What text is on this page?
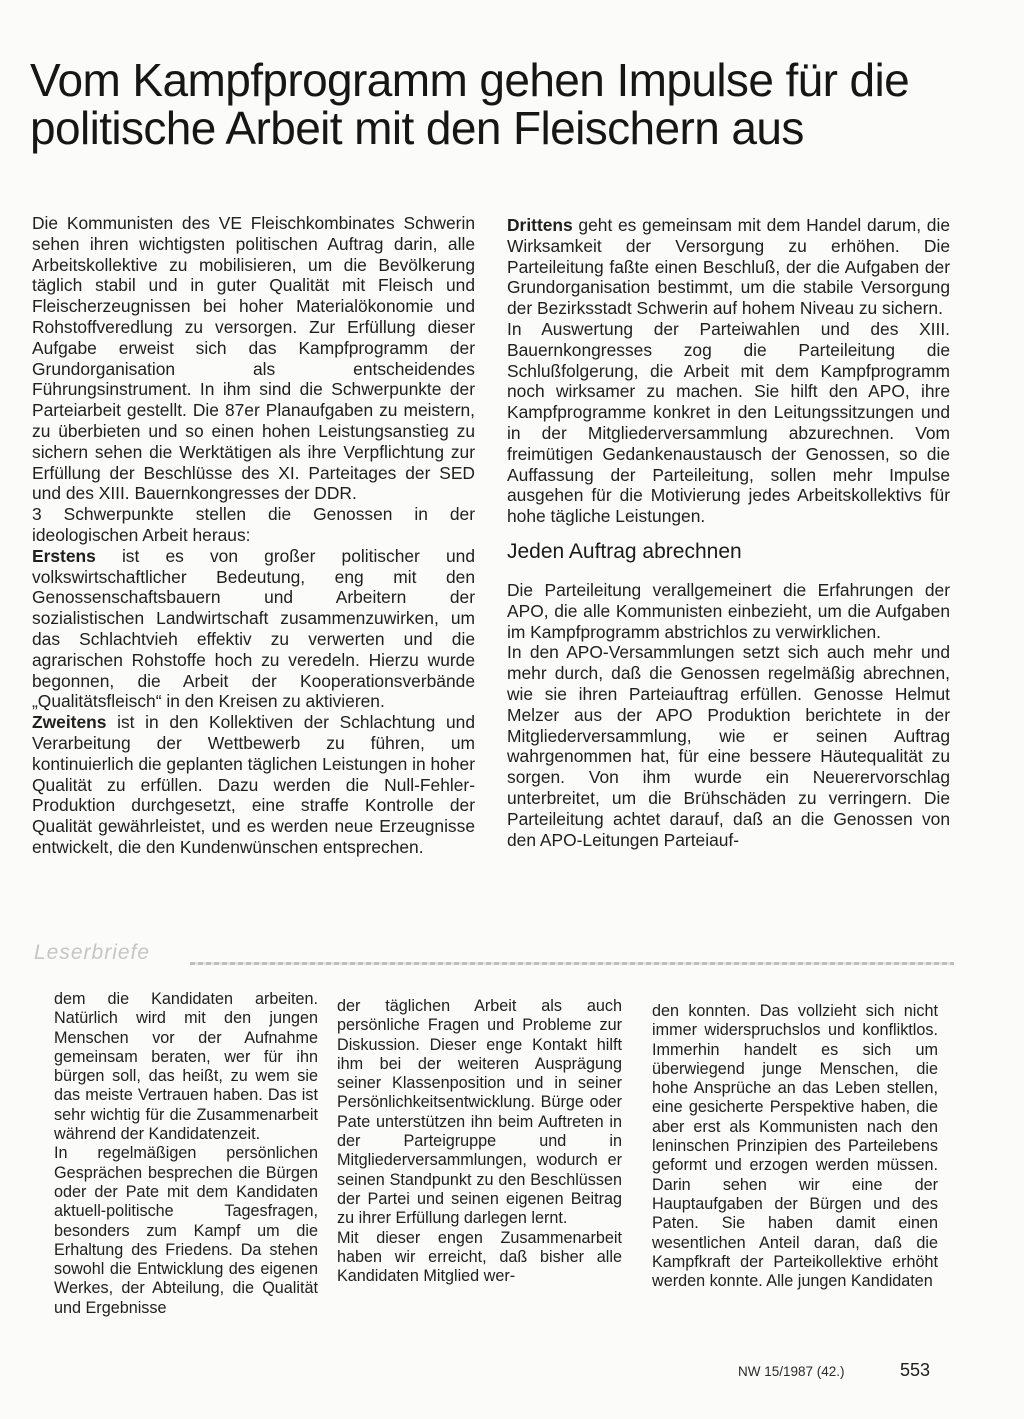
Vom Kampfprogramm gehen Impulse für die politische Arbeit mit den Fleischern aus

Die Kommunisten des VE Fleischkombinates Schwerin sehen ihren wichtigsten politischen Auftrag darin, alle Arbeitskollektive zu mobilisieren, um die Bevölkerung täglich stabil und in guter Qualität mit Fleisch und Fleischerzeugnissen bei hoher Materialökonomie und Rohstoffveredlung zu versorgen. Zur Erfüllung dieser Aufgabe erweist sich das Kampfprogramm der Grundorganisation als entscheidendes Führungsinstrument. In ihm sind die Schwerpunkte der Parteiarbeit gestellt. Die 87er Planaufgaben zu meistern, zu überbieten und so einen hohen Leistungsanstieg zu sichern sehen die Werktätigen als ihre Verpflichtung zur Erfüllung der Beschlüsse des XI. Parteitages der SED und des XIII. Bauernkongresses der DDR.

3 Schwerpunkte stellen die Genossen in der ideologischen Arbeit heraus:

Erstens ist es von großer politischer und volkswirtschaftlicher Bedeutung, eng mit den Genossenschaftsbauern und Arbeitern der sozialistischen Landwirtschaft zusammenzuwirken, um das Schlachtvieh effektiv zu verwerten und die agrarischen Rohstoffe hoch zu veredeln. Hierzu wurde begonnen, die Arbeit der Kooperationsverbände „Qualitätsfleisch“ in den Kreisen zu aktivieren.

Zweitens ist in den Kollektiven der Schlachtung und Verarbeitung der Wettbewerb zu führen, um kontinuierlich die geplanten täglichen Leistungen in hoher Qualität zu erfüllen. Dazu werden die Null-Fehler-Produktion durchgesetzt, eine straffe Kontrolle der Qualität gewährleistet, und es werden neue Erzeugnisse entwickelt, die den Kundenwünschen entsprechen.

Drittens geht es gemeinsam mit dem Handel darum, die Wirksamkeit der Versorgung zu erhöhen. Die Parteileitung faßte einen Beschluß, der die Aufgaben der Grundorganisation bestimmt, um die stabile Versorgung der Bezirksstadt Schwerin auf hohem Niveau zu sichern.

In Auswertung der Parteiwahlen und des XIII. Bauernkongresses zog die Parteileitung die Schlußfolgerung, die Arbeit mit dem Kampfprogramm noch wirksamer zu machen. Sie hilft den APO, ihre Kampfprogramme konkret in den Leitungssitzungen und in der Mitgliederversammlung abzurechnen. Vom freimütigen Gedankenaustausch der Genossen, so die Auffassung der Parteileitung, sollen mehr Impulse ausgehen für die Motivierung jedes Arbeitskollektivs für hohe tägliche Leistungen.

Jeden Auftrag abrechnen

Die Parteileitung verallgemeinert die Erfahrungen der APO, die alle Kommunisten einbezieht, um die Aufgaben im Kampfprogramm abstrichlos zu verwirklichen.

In den APO-Versammlungen setzt sich auch mehr und mehr durch, daß die Genossen regelmäßig abrechnen, wie sie ihren Parteiauftrag erfüllen. Genosse Helmut Melzer aus der APO Produktion berichtete in der Mitgliederversammlung, wie er seinen Auftrag wahrgenommen hat, für eine bessere Häutequalität zu sorgen. Von ihm wurde ein Neuerervorschlag unterbreitet, um die Brühschäden zu verringern. Die Parteileitung achtet darauf, daß an die Genossen von den APO-Leitungen Parteiauf-

Leserbriefe

dem die Kandidaten arbeiten. Natürlich wird mit den jungen Menschen vor der Aufnahme gemeinsam beraten, wer für ihn bürgen soll, das heißt, zu wem sie das meiste Vertrauen haben. Das ist sehr wichtig für die Zusammenarbeit während der Kandidatenzeit.

In regelmäßigen persönlichen Gesprächen besprechen die Bürgen oder der Pate mit dem Kandidaten aktuell-politische Tagesfragen, besonders zum Kampf um die Erhaltung des Friedens. Da stehen sowohl die Entwicklung des eigenen Werkes, der Abteilung, die Qualität und Ergebnisse

der täglichen Arbeit als auch persönliche Fragen und Probleme zur Diskussion. Dieser enge Kontakt hilft ihm bei der weiteren Ausprägung seiner Klassenposition und in seiner Persönlichkeitsentwicklung. Bürge oder Pate unterstützen ihn beim Auftreten in der Parteigruppe und in Mitgliederversammlungen, wodurch er seinen Standpunkt zu den Beschlüssen der Partei und seinen eigenen Beitrag zu ihrer Erfüllung darlegen lernt.

Mit dieser engen Zusammenarbeit haben wir erreicht, daß bisher alle Kandidaten Mitglied wer-

den konnten. Das vollzieht sich nicht immer widerspruchslos und konfliktlos. Immerhin handelt es sich um überwiegend junge Menschen, die hohe Ansprüche an das Leben stellen, eine gesicherte Perspektive haben, die aber erst als Kommunisten nach den leninschen Prinzipien des Parteilebens geformt und erzogen werden müssen. Darin sehen wir eine der Hauptaufgaben der Bürgen und des Paten. Sie haben damit einen wesentlichen Anteil daran, daß die Kampfkraft der Parteikollektive erhöht werden konnte. Alle jungen Kandidaten

NW 15/1987 (42.)	553
